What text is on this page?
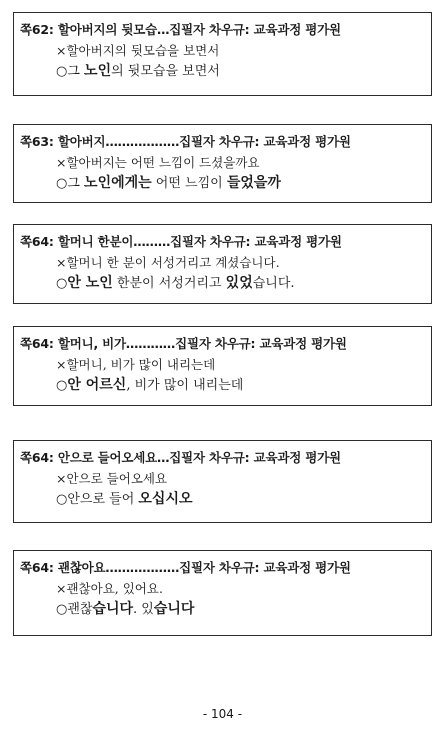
쪽62: 할아버지의 뒷모습…집필자 차우규: 교육과정 평가원
×할아버지의 뒷모습을 보면서
○그 노인의 뒷모습을 보면서
쪽63: 할아버지………………집필자 차우규: 교육과정 평가원
×할아버지는 어떤 느낌이 드셨을까요
○그 노인에게는 어떤 느낌이 들었을까
쪽64: 할머니 한분이………집필자 차우규: 교육과정 평가원
×할머니 한 분이 서성거리고 계셨습니다.
○안 노인 한분이 서성거리고 있었습니다.
쪽64: 할머니, 비가…………집필자 차우규: 교육과정 평가원
×할머니, 비가 많이 내리는데
○안 어르신, 비가 많이 내리는데
쪽64: 안으로 들어오세요…집필자 차우규: 교육과정 평가원
×안으로 들어오세요
○안으로 들어 오십시오
쪽64: 괜찮아요………………집필자 차우규: 교육과정 평가원
×괜찮아요, 있어요.
○괜찮습니다. 있습니다
- 104 -
